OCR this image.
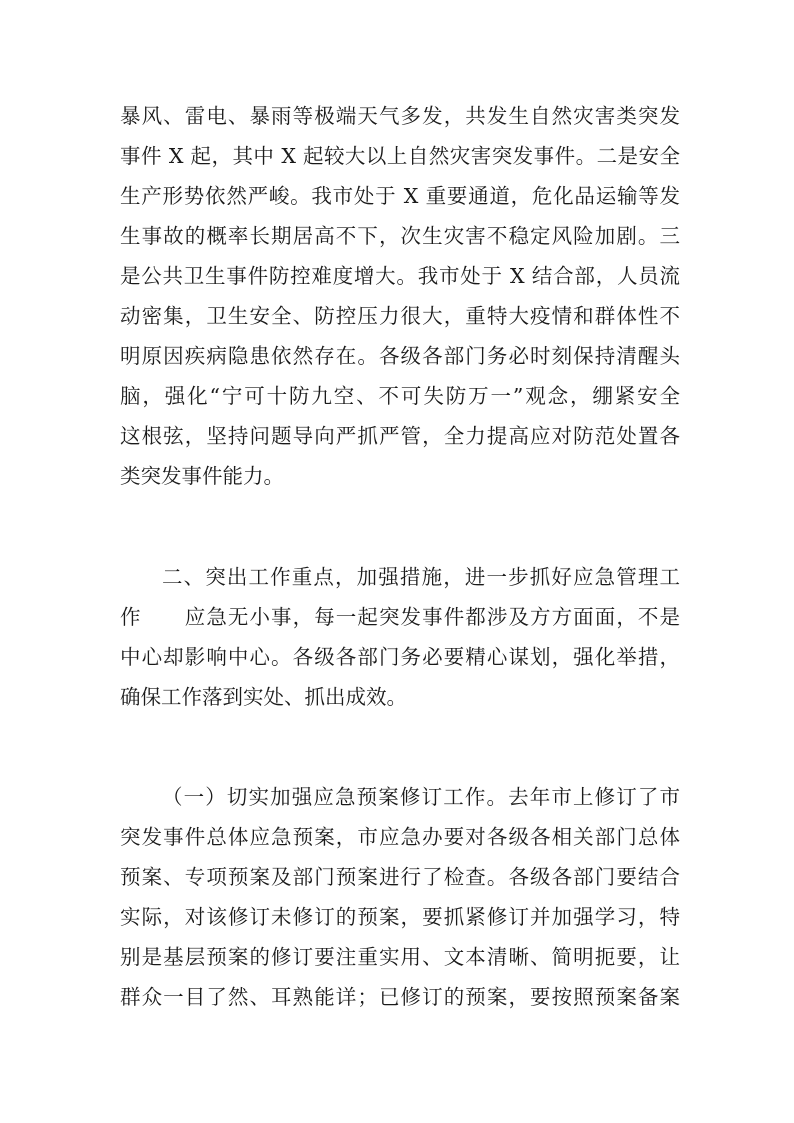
暴风、雷电、暴雨等极端天气多发，共发生自然灾害类突发
事件 X 起，其中 X 起较大以上自然灾害突发事件。二是安全
生产形势依然严峻。我市处于 X 重要通道，危化品运输等发
生事故的概率长期居高不下，次生灾害不稳定风险加剧。三
是公共卫生事件防控难度增大。我市处于 X 结合部，人员流
动密集，卫生安全、防控压力很大，重特大疫情和群体性不
明原因疾病隐患依然存在。各级各部门务必时刻保持清醒头
脑，强化“宁可十防九空、不可失防万一”观念，绷紧安全
这根弦，坚持问题导向严抓严管，全力提高应对防范处置各
类突发事件能力。
二、突出工作重点，加强措施，进一步抓好应急管理工
作　　应急无小事，每一起突发事件都涉及方方面面，不是
中心却影响中心。各级各部门务必要精心谋划，强化举措，
确保工作落到实处、抓出成效。
（一）切实加强应急预案修订工作。去年市上修订了市
突发事件总体应急预案，市应急办要对各级各相关部门总体
预案、专项预案及部门预案进行了检查。各级各部门要结合
实际，对该修订未修订的预案，要抓紧修订并加强学习，特
别是基层预案的修订要注重实用、文本清晰、简明扼要，让
群众一目了然、耳熟能详；已修订的预案，要按照预案备案
